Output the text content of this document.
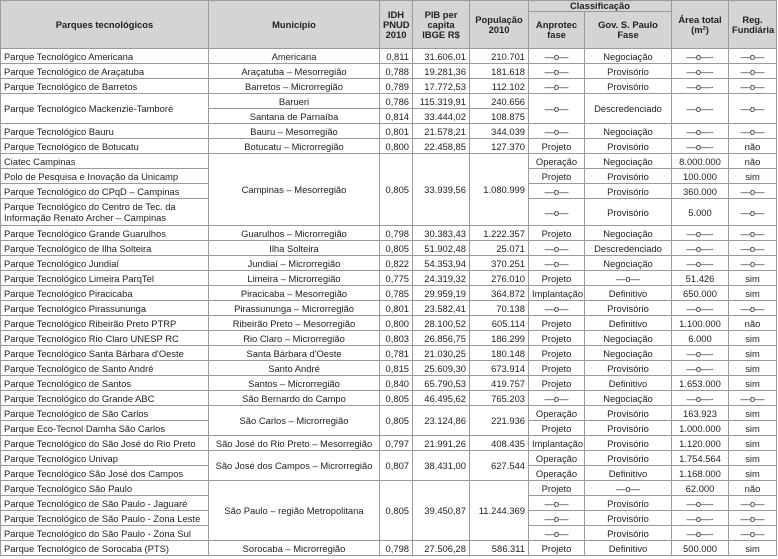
Parques tecnológicos	Município	IDH PNUD 2010	PIB per capita IBGE R$	População 2010	Classificação		Área total (m²)	Reg. Fundiária
					Anprotec fase	Gov. S. Paulo Fase		
Parque Tecnológico Americana	Americana	0,811	31.606,01	210.701	—o—	Negociação	—o—-	—o—
Parque Tecnológico de Araçatuba	Araçatuba – Mesorregião	0,788	19.281,36	181.618	—o—	Provisório	—o—-	—o—
Parque Tecnológico de Barretos	Barretos – Microrregião	0,789	17.772,53	112.102	—o—	Provisório	—o—-	—o—
Parque Tecnológico Mackenzie-Tamboré	Barueri	0,786	115.319,91	240.656	—o—	Descredenciado	—o—-	—o—
	Santana de Parnaíba	0,814	33.444,02	108.875				
Parque Tecnológico Bauru	Bauru – Mesorregião	0,801	21.578,21	344.039	—o—	Negociação	—o—-	—o—
Parque Tecnológico de Botucatu	Botucatu – Microrregião	0,800	22.458,85	127.370	Projeto	Provisório	—o—-	não
Ciatec Campinas	Campinas – Mesorregião	0,805	33.939,56	1.080.999	Operação	Negociação	8.000.000	não
Polo de Pesquisa e Inovação da Unicamp					Projeto	Provisório	100.000	sim
Parque Tecnológico do CPqD – Campinas					—o—	Provisório	360.000	—o—
Parque Tecnológico do Centro de Tec. da Informação Renato Archer – Campinas					—o—	Provisório	5.000	—o—
Parque Tecnológico Grande Guarulhos	Guarulhos – Microrregião	0,798	30.383,43	1.222.357	Projeto	Negociação	—o—-	—o—
Parque Tecnológico de Ilha Solteira	Ilha Solteira	0,805	51.902,48	25.071	—o—	Descredenciado	—o—-	—o—
Parque Tecnológico Jundiaí	Jundiaí – Microrregião	0,822	54.353,94	370.251	—o—	Negociação	—o—-	—o—
Parque Tecnológico Limeira ParqTel	Limeira – Microrregião	0,775	24.319,32	276.010	Projeto	—o—	51.426	sim
Parque Tecnológico Piracicaba	Piracicaba – Mesorregião	0,785	29.959,19	364.872	Implantação	Definitivo	650.000	sim
Parque Tecnológico Pirassununga	Pirassununga – Microrregião	0,801	23.582,41	70.138	—o—	Provisório	—o—-	—o—
Parque Tecnológico Ribeirão Preto PTRP	Ribeirão Preto – Mesorregião	0,800	28.100,52	605.114	Projeto	Definitivo	1.100.000	não
Parque Tecnológico Rio Claro UNESP RC	Rio Claro – Microrregião	0,803	26.856,75	186.299	Projeto	Negociação	6.000	sim
Parque Tecnológico Santa Bárbara d'Oeste	Santa Bárbara d'Oeste	0,781	21.030,25	180.148	Projeto	Negociação	—o—-	sim
Parque Tecnológico de Santo André	Santo André	0,815	25.609,30	673.914	Projeto	Provisório	—o—-	sim
Parque Tecnológico de Santos	Santos – Microrregião	0,840	65.790,53	419.757	Projeto	Definitivo	1.653.000	sim
Parque Tecnológico do Grande ABC	São Bernardo do Campo	0,805	46.495,62	765.203	—o—	Negociação	—o—-	—o—
Parque Tecnológico de São Carlos	São Carlos – Microrregião	0,805	23.124,86	221.936	Operação	Provisório	163.923	sim
Parque Eco-Tecnol Damha São Carlos					Projeto	Provisório	1.000.000	sim
Parque Tecnológico do São José do Rio Preto	São José do Rio Preto – Mesorregião	0,797	21.991,26	408.435	Implantação	Provisório	1.120.000	sim
Parque Tecnológico Univap	São José dos Campos – Microrregião	0,807	38.431,00	627.544	Operação	Provisório	1.754.564	sim
Parque Tecnológico São José dos Campos					Operação	Definitivo	1.168.000	sim
Parque Tecnológico São Paulo	São Paulo – região Metropolitana	0,805	39.450,87	11.244.369	Projeto	—o—	62.000	não
Parque Tecnológico de São Paulo - Jaguaré					—o—	Provisório	—o—-	—o—
Parque Tecnológico de São Paulo - Zona Leste					—o—	Provisório	—o—-	—o—
Parque Tecnológico do São Paulo - Zona Sul					—o—	Provisório	—o—-	—o—
Parque Tecnológico de Sorocaba (PTS)	Sorocaba – Microrregião	0,798	27.506,28	586.311	Projeto	Definitivo	500.000	sim
